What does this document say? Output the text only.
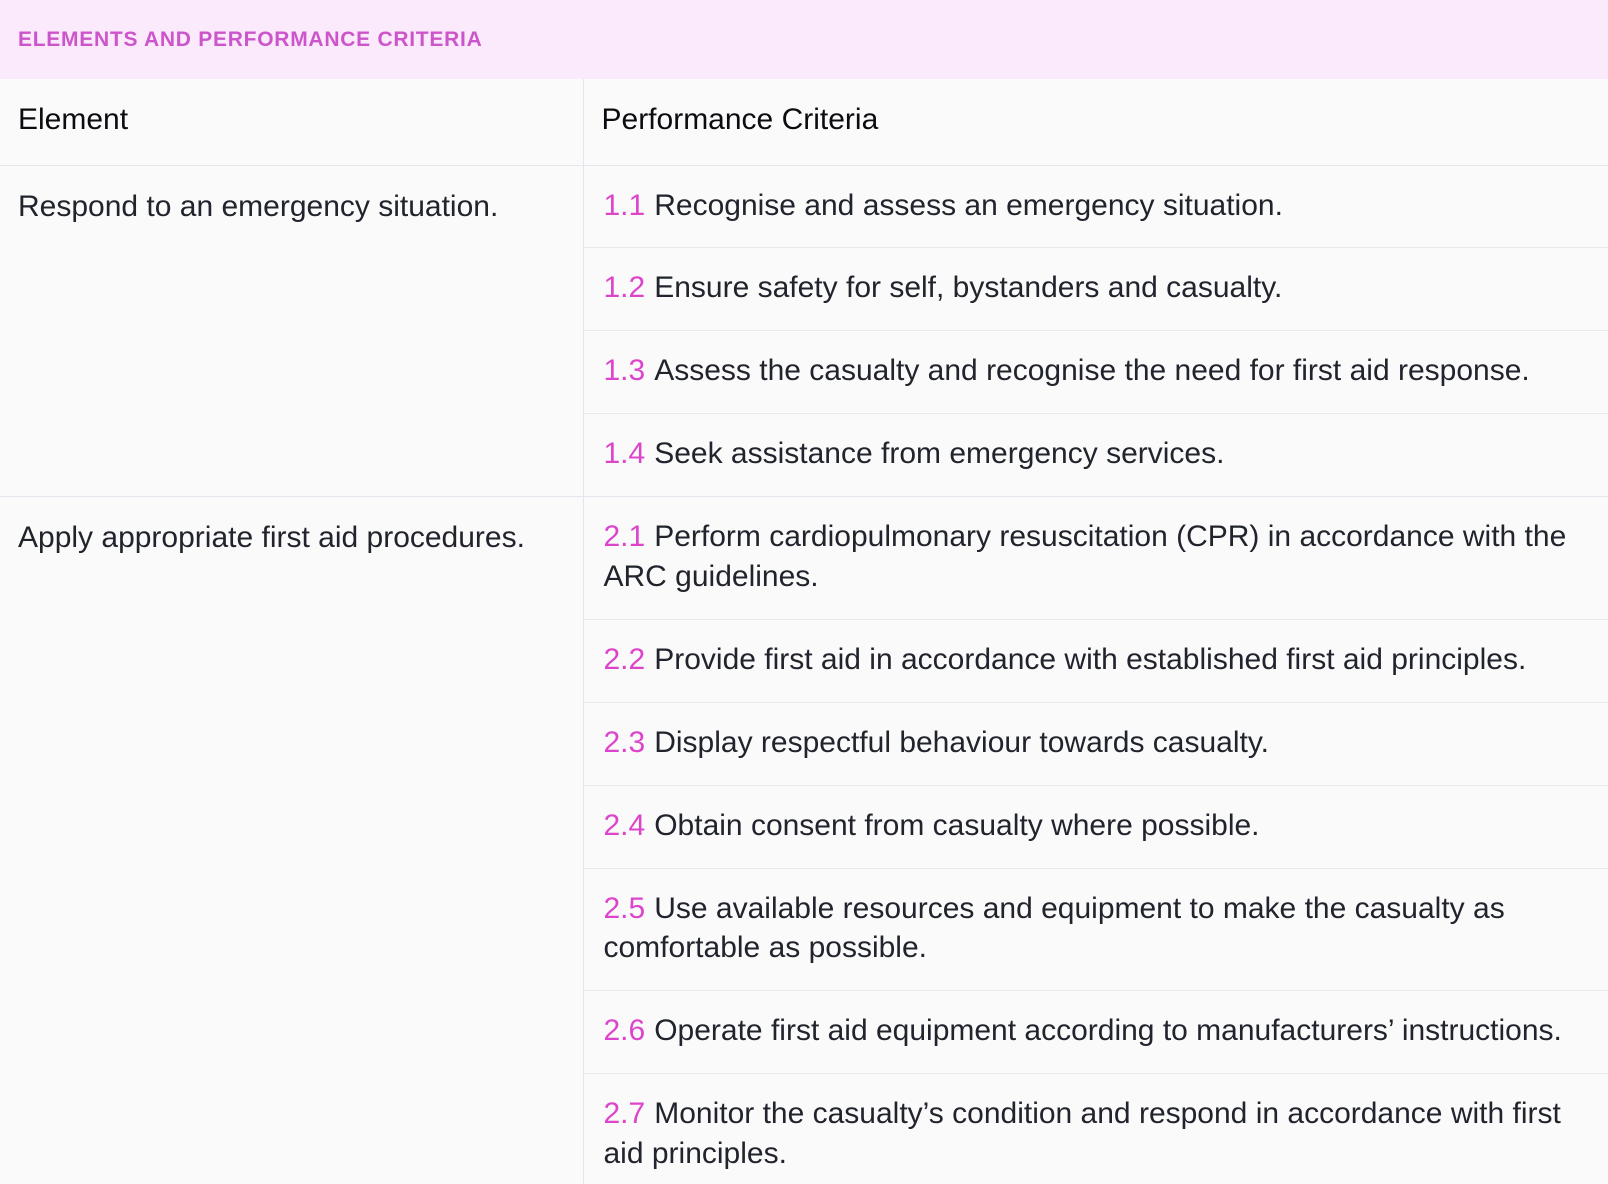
ELEMENTS AND PERFORMANCE CRITERIA
Element	Performance Criteria

Respond to an emergency situation.	1.1 Recognise and assess an emergency situation.
1.2 Ensure safety for self, bystanders and casualty.
1.3 Assess the casualty and recognise the need for first aid response.
1.4 Seek assistance from emergency services.

Apply appropriate first aid procedures.	2.1 Perform cardiopulmonary resuscitation (CPR) in accordance with the ARC guidelines.
2.2 Provide first aid in accordance with established first aid principles.
2.3 Display respectful behaviour towards casualty.
2.4 Obtain consent from casualty where possible.
2.5 Use available resources and equipment to make the casualty as comfortable as possible.
2.6 Operate first aid equipment according to manufacturers’ instructions.
2.7 Monitor the casualty’s condition and respond in accordance with first aid principles.
